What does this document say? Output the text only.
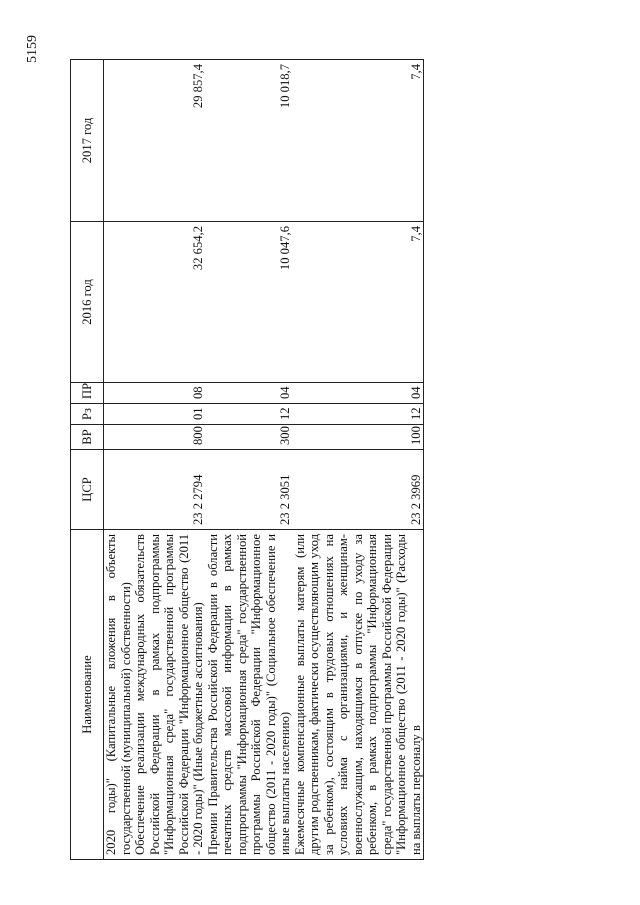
5159
Наименование	ЦСР	ВР	Рз	ПР	2016 год	2017 год
2020 годы)" (Капитальные вложения в объекты государственной (муниципальной) собственности)						
Обеспечение реализации международных обязательств Российской Федерации в рамках подпрограммы "Информационная среда" государственной программы Российской Федерации "Информационное общество (2011 - 2020 годы)" (Иные бюджетные ассигнования)	23 2 2794	800	01	08	32 654,2	29 857,4
Премии Правительства Российской Федерации в области печатных средств массовой информации в рамках подпрограммы "Информационная среда" государственной программы Российской Федерации "Информационное общество (2011 - 2020 годы)" (Социальное обеспечение и иные выплаты населению)	23 2 3051	300	12	04	10 047,6	10 018,7
Ежемесячные компенсационные выплаты матерям (или другим родственникам, фактически осуществляющим уход за ребенком), состоящим в трудовых отношениях на условиях найма с организациями, и женщинам-военнослужащим, находящимся в отпуске по уходу за ребенком, в рамках подпрограммы "Информационная среда" государственной программы Российской Федерации "Информационное общество (2011 - 2020 годы)" (Расходы на выплаты персоналу в	23 2 3969	100	12	04	7,4	7,4
